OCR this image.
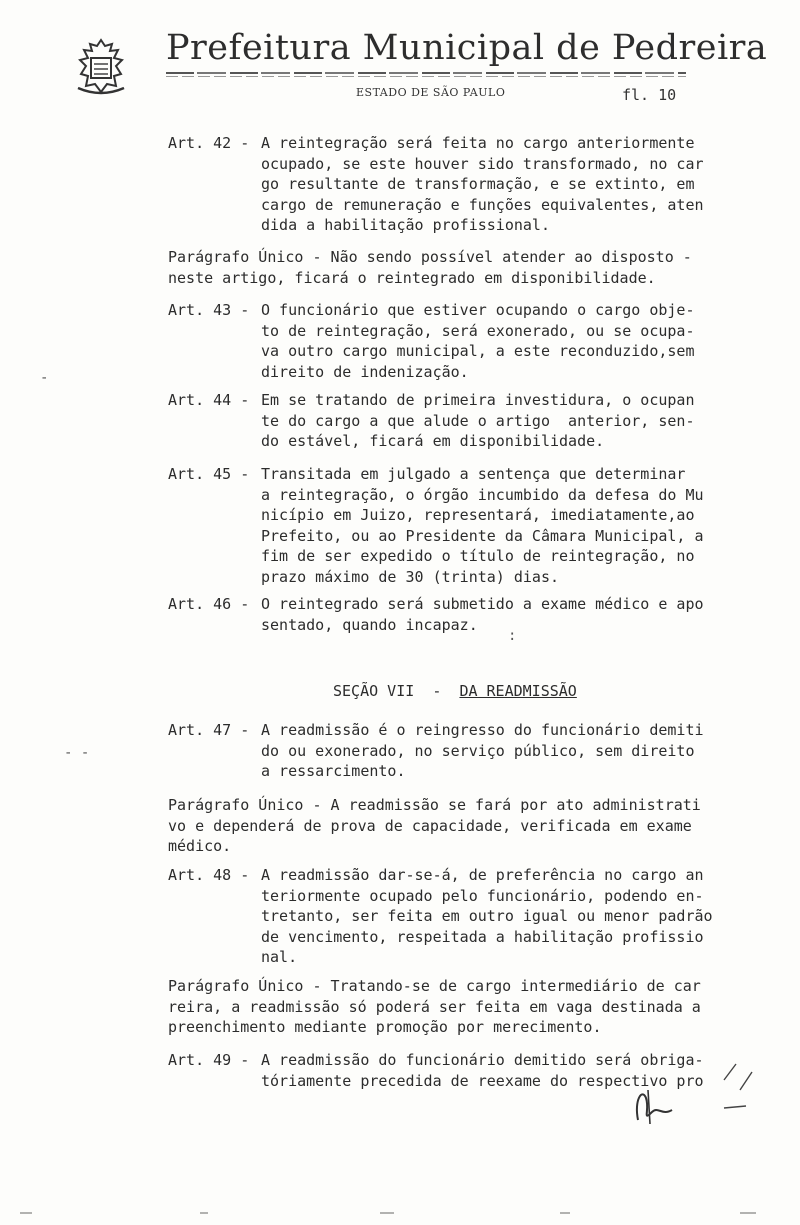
Prefeitura Municipal de Pedreira
ESTADO DE SÃO PAULO	fl. 10
Art. 42 - A reintegração será feita no cargo anteriormente
ocupado, se este houver sido transformado, no car
go resultante de transformação, e se extinto, em
cargo de remuneração e funções equivalentes, aten
dida a habilitação profissional.
Parágrafo Único - Não sendo possível atender ao disposto -
neste artigo, ficará o reintegrado em disponibilidade.
Art. 43 - O funcionário que estiver ocupando o cargo obje-
to de reintegração, será exonerado, ou se ocupa-
va outro cargo municipal, a este reconduzido,sem
direito de indenização.
Art. 44 - Em se tratando de primeira investidura, o ocupan
te do cargo a que alude o artigo  anterior, sen-
do estável, ficará em disponibilidade.
Art. 45 - Transitada em julgado a sentença que determinar
a reintegração, o órgão incumbido da defesa do Mu
nicípio em Juizo, representará, imediatamente,ao
Prefeito, ou ao Presidente da Câmara Municipal, a
fim de ser expedido o título de reintegração, no
prazo máximo de 30 (trinta) dias.
Art. 46 - O reintegrado será submetido a exame médico e apo
sentado, quando incapaz.
SEÇÃO VII  -  DA READMISSÃO
Art. 47 - A readmissão é o reingresso do funcionário demiti
do ou exonerado, no serviço público, sem direito
a ressarcimento.
Parágrafo Único - A readmissão se fará por ato administrati
vo e dependerá de prova de capacidade, verificada em exame
médico.
Art. 48 - A readmissão dar-se-á, de preferência no cargo an
teriormente ocupado pelo funcionário, podendo en-
tretanto, ser feita em outro igual ou menor padrão
de vencimento, respeitada a habilitação profissio
nal.
Parágrafo Único - Tratando-se de cargo intermediário de car
reira, a readmissão só poderá ser feita em vaga destinada a
preenchimento mediante promoção por merecimento.
Art. 49 - A readmissão do funcionário demitido será obriga-
tóriamente precedida de reexame do respectivo pro
-
- -
:
